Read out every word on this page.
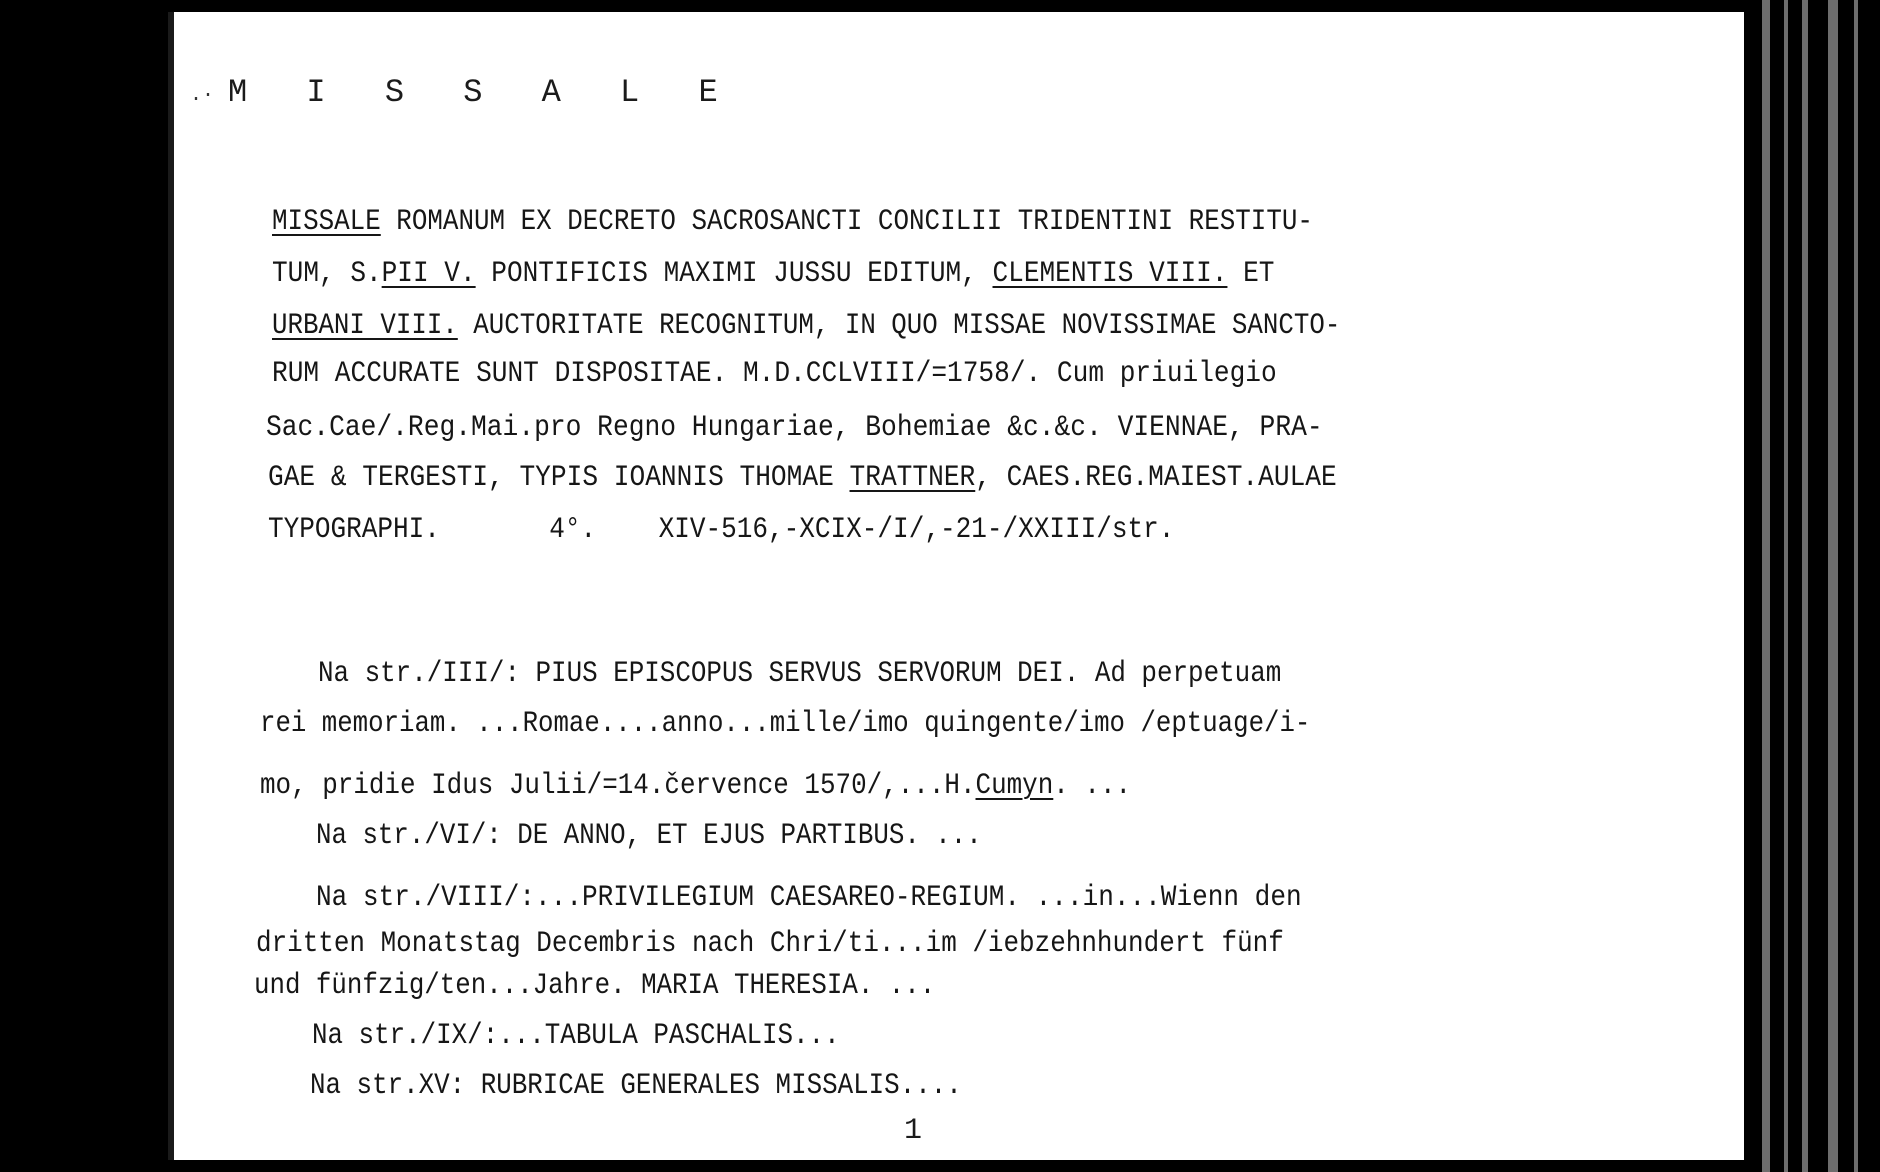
.· M I S S A L E
MISSALE ROMANUM EX DECRETO SACROSANCTI CONCILII TRIDENTINI RESTITU-
TUM, S.PII V. PONTIFICIS MAXIMI JUSSU EDITUM, CLEMENTIS VIII. ET
URBANI VIII. AUCTORITATE RECOGNITUM, IN QUO MISSAE NOVISSIMAE SANCTO-
RUM ACCURATE SUNT DISPOSITAE. M.D.CCLVIII/=1758/. Cum priuilegio
Sac.Cae/.Reg.Mai.pro Regno Hungariae, Bohemiae &c.&c. VIENNAE, PRA-
GAE & TERGESTI, TYPIS IOANNIS THOMAE TRATTNER, CAES.REG.MAIEST.AULAE
TYPOGRAPHI.       4°.    XIV-516,-XCIX-/I/,-21-/XXIII/str.
Na str./III/: PIUS EPISCOPUS SERVUS SERVORUM DEI. Ad perpetuam
rei memoriam. ...Romae....anno...mille/imo quingente/imo /eptuage/i-
mo, pridie Idus Julii/=14.července 1570/,...H.Cumyn. ...
Na str./VI/: DE ANNO, ET EJUS PARTIBUS. ...
Na str./VIII/:...PRIVILEGIUM CAESAREO-REGIUM. ...in...Wienn den
dritten Monatstag Decembris nach Chri/ti...im /iebzehnhundert fünf
und fünfzig/ten...Jahre. MARIA THERESIA. ...
Na str./IX/:...TABULA PASCHALIS...
Na str.XV: RUBRICAE GENERALES MISSALIS....
1
